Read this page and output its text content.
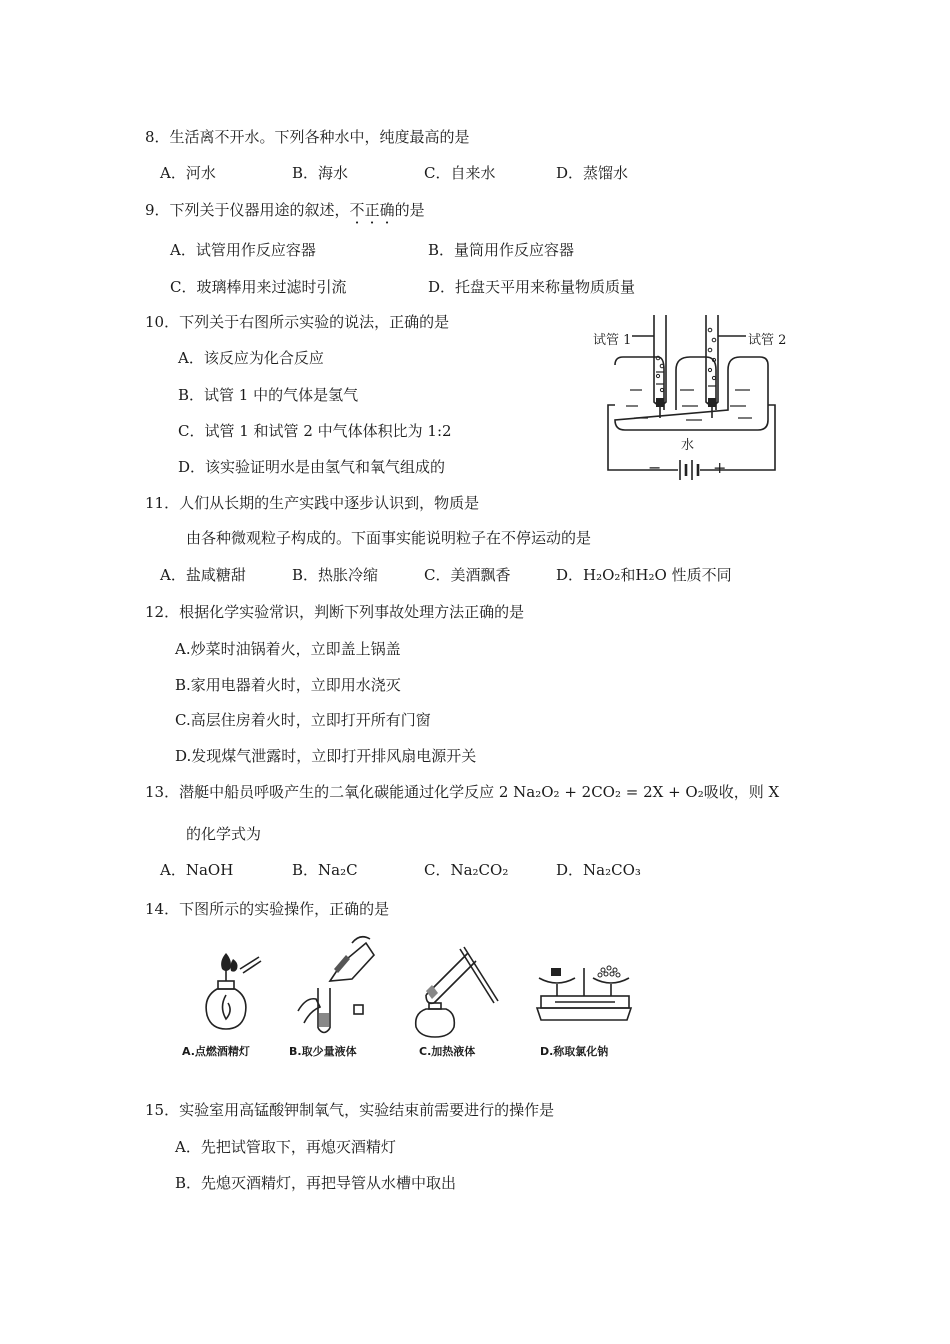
8．生活离不开水。下列各种水中，纯度最高的是
A．河水	B．海水	C．自来水	D．蒸馏水
9．下列关于仪器用途的叙述，不正确的是
A．试管用作反应容器	B．量筒用作反应容器
C．玻璃棒用来过滤时引流	D．托盘天平用来称量物质质量
10．下列关于右图所示实验的说法，正确的是
A．该反应为化合反应
B．试管 1 中的气体是氢气
C．试管 1 和试管 2 中气体体积比为 1:2
D．该实验证明水是由氢气和氧气组成的
试管 1	试管 2
水
−	+
11．人们从长期的生产实践中逐步认识到，物质是
由各种微观粒子构成的。下面事实能说明粒子在不停运动的是
A．盐咸糖甜	B．热胀冷缩	C．美酒飘香	D．H₂O₂和H₂O 性质不同
12．根据化学实验常识，判断下列事故处理方法正确的是
A.炒菜时油锅着火，立即盖上锅盖
B.家用电器着火时，立即用水浇灭
C.高层住房着火时，立即打开所有门窗
D.发现煤气泄露时，立即打开排风扇电源开关
13．潜艇中船员呼吸产生的二氧化碳能通过化学反应 2 Na₂O₂ + 2CO₂ = 2X + O₂吸收，则 X
的化学式为
A．NaOH	B．Na₂C	C．Na₂CO₂	D．Na₂CO₃
14．下图所示的实验操作，正确的是
A.点燃酒精灯	B.取少量液体	C.加热液体	D.称取氯化钠
15．实验室用高锰酸钾制氧气，实验结束前需要进行的操作是
A．先把试管取下，再熄灭酒精灯
B．先熄灭酒精灯，再把导管从水槽中取出
